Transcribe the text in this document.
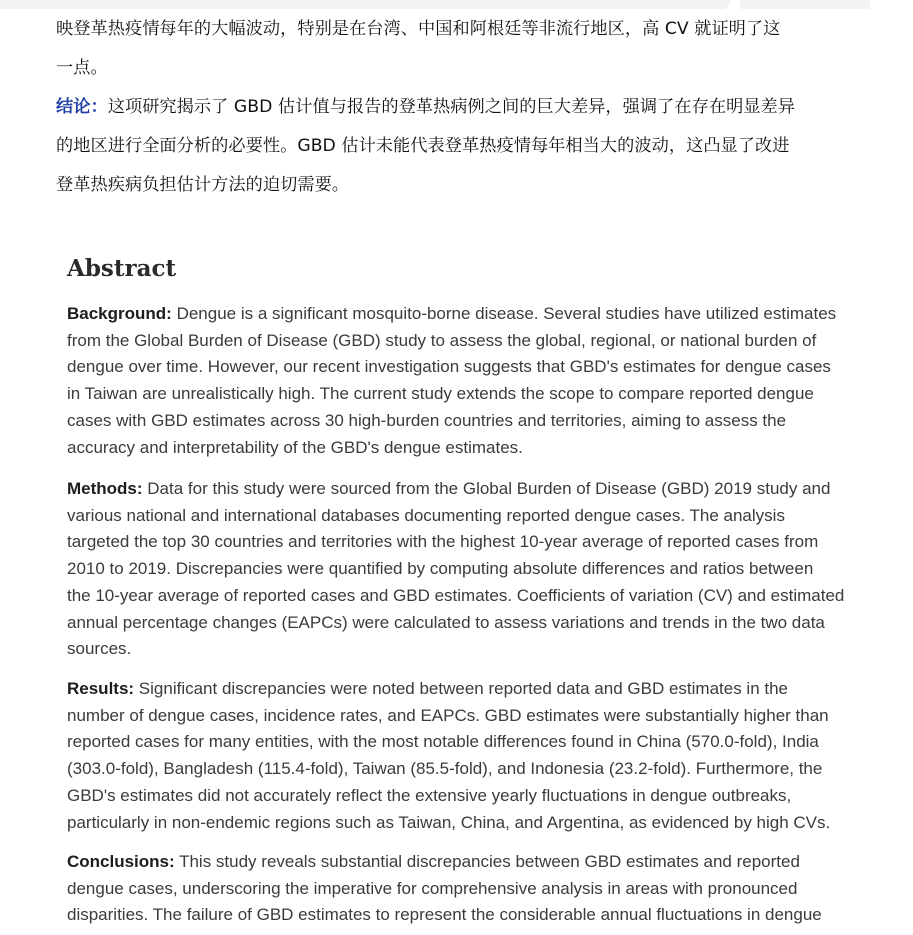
映登革热疫情每年的大幅波动，特别是在台湾、中国和阿根廷等非流行地区，高 CV 就证明了这

一点。

结论：这项研究揭示了 GBD 估计值与报告的登革热病例之间的巨大差异，强调了在存在明显差异

的地区进行全面分析的必要性。GBD 估计未能代表登革热疫情每年相当大的波动，这凸显了改进

登革热疾病负担估计方法的迫切需要。

Abstract
Background: Dengue is a significant mosquito-borne disease. Several studies have utilized estimates
from the Global Burden of Disease (GBD) study to assess the global, regional, or national burden of
dengue over time. However, our recent investigation suggests that GBD's estimates for dengue cases
in Taiwan are unrealistically high. The current study extends the scope to compare reported dengue
cases with GBD estimates across 30 high-burden countries and territories, aiming to assess the
accuracy and interpretability of the GBD's dengue estimates.
Methods: Data for this study were sourced from the Global Burden of Disease (GBD) 2019 study and
various national and international databases documenting reported dengue cases. The analysis
targeted the top 30 countries and territories with the highest 10-year average of reported cases from
2010 to 2019. Discrepancies were quantified by computing absolute differences and ratios between
the 10-year average of reported cases and GBD estimates. Coefficients of variation (CV) and estimated
annual percentage changes (EAPCs) were calculated to assess variations and trends in the two data
sources.
Results: Significant discrepancies were noted between reported data and GBD estimates in the
number of dengue cases, incidence rates, and EAPCs. GBD estimates were substantially higher than
reported cases for many entities, with the most notable differences found in China (570.0-fold), India
(303.0-fold), Bangladesh (115.4-fold), Taiwan (85.5-fold), and Indonesia (23.2-fold). Furthermore, the
GBD's estimates did not accurately reflect the extensive yearly fluctuations in dengue outbreaks,
particularly in non-endemic regions such as Taiwan, China, and Argentina, as evidenced by high CVs.
Conclusions: This study reveals substantial discrepancies between GBD estimates and reported
dengue cases, underscoring the imperative for comprehensive analysis in areas with pronounced
disparities. The failure of GBD estimates to represent the considerable annual fluctuations in dengue
